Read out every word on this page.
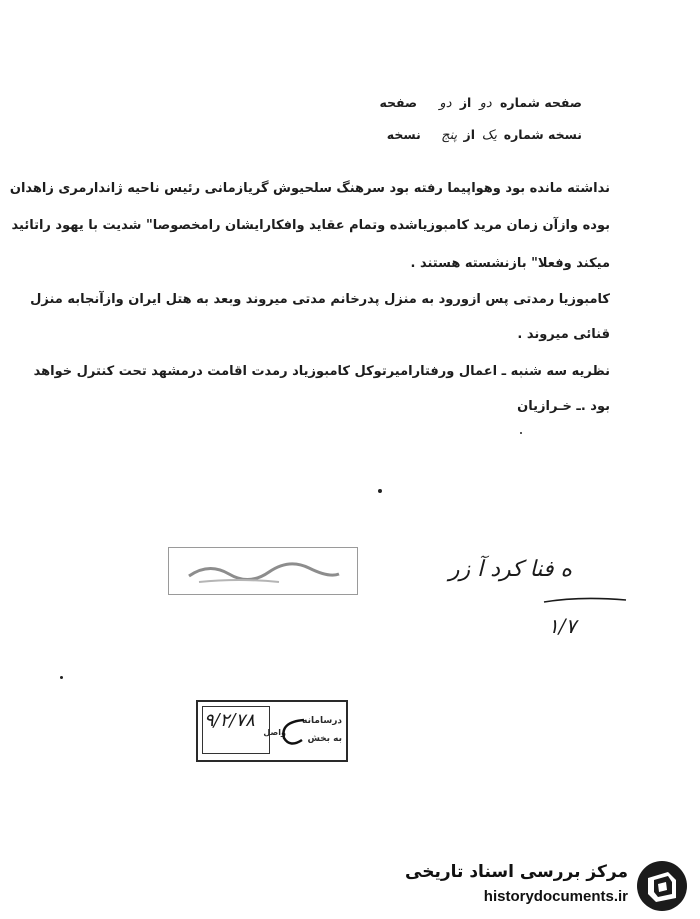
صفحه شماره دو از دو صفحه
نسخه شماره یک از پنج نسخه
نداشته مانده بود وهواپیما رفته بود سرهنگ سلحیوش گریازمانی رئیس ناحیه ژاندارمری زاهدان
بوده وازآن زمان مرید کامبوزیاشده وتمام عقاید وافکارایشان رامخصوصا" شدیت با یهود راتائید
میکند وفعلا" بازنشسته هستند .
کامبوزیا رمدتی پس ازورود به منزل پدرخانم مدتی میروند وبعد به هتل ایران وازآنجابه منزل
قنائی میروند .
نظریه سه شنبه ـ اعمال ورفتارامیرتوکل کامبوزیاد رمدت اقامت درمشهد تحت کنترل خواهد
بود .ـ خـرازیان
ه فنا کرد آ زر
۱/۷
۹/۲/۷۸	درسامانه
به بخش
واصل
مرکز بررسی اسناد تاریخی
historydocuments.ir
